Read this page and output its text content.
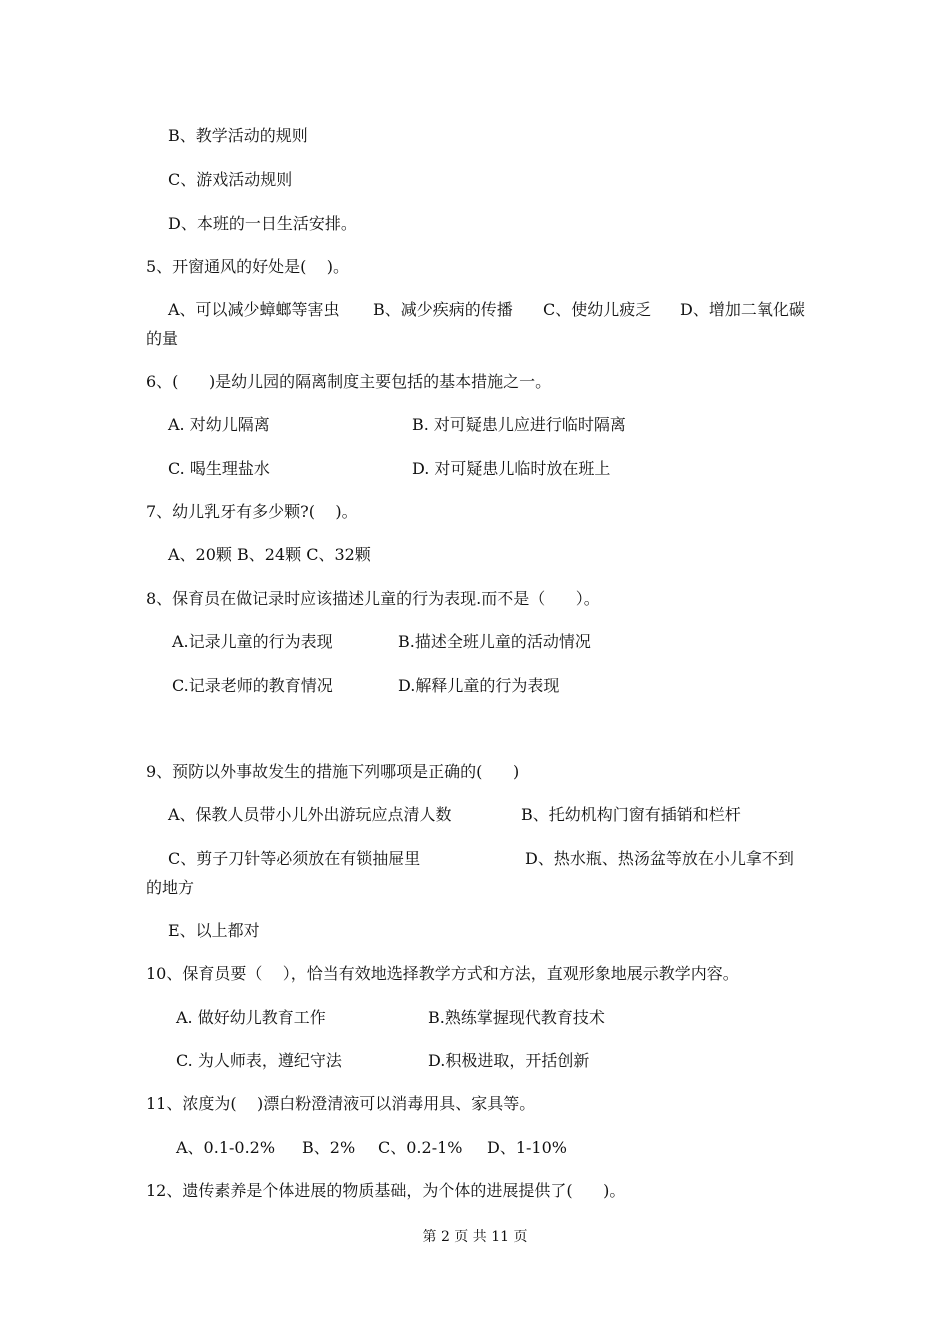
B、教学活动的规则
C、游戏活动规则
D、本班的一日生活安排。
5、开窗通风的好处是(    )。
A、可以减少蟑螂等害虫 B、减少疾病的传播 C、使幼儿疲乏 D、增加二氧化碳
的量
6、(      )是幼儿园的隔离制度主要包括的基本措施之一。
A. 对幼儿隔离	B. 对可疑患儿应进行临时隔离
C. 喝生理盐水	D. 对可疑患儿临时放在班上
7、幼儿乳牙有多少颗?(    )。
A、20颗 B、24颗 C、32颗
8、保育员在做记录时应该描述儿童的行为表现.而不是（      ）。
A.记录儿童的行为表现	B.描述全班儿童的活动情况
C.记录老师的教育情况	D.解释儿童的行为表现
9、预防以外事故发生的措施下列哪项是正确的(      )
A、保教人员带小儿外出游玩应点清人数	B、托幼机构门窗有插销和栏杆
C、剪子刀针等必须放在有锁抽屉里	D、热水瓶、热汤盆等放在小儿拿不到
的地方
E、以上都对
10、保育员要（    ），恰当有效地选择教学方式和方法，直观形象地展示教学内容。
A. 做好幼儿教育工作	B.熟练掌握现代教育技术
C. 为人师表，遵纪守法	D.积极进取，开括创新
11、浓度为(    )漂白粉澄清液可以消毒用具、家具等。
A、0.1-0.2% B、2% C、0.2-1% D、1-10%
12、遗传素养是个体进展的物质基础，为个体的进展提供了(      )。
第 2 页 共 11 页
